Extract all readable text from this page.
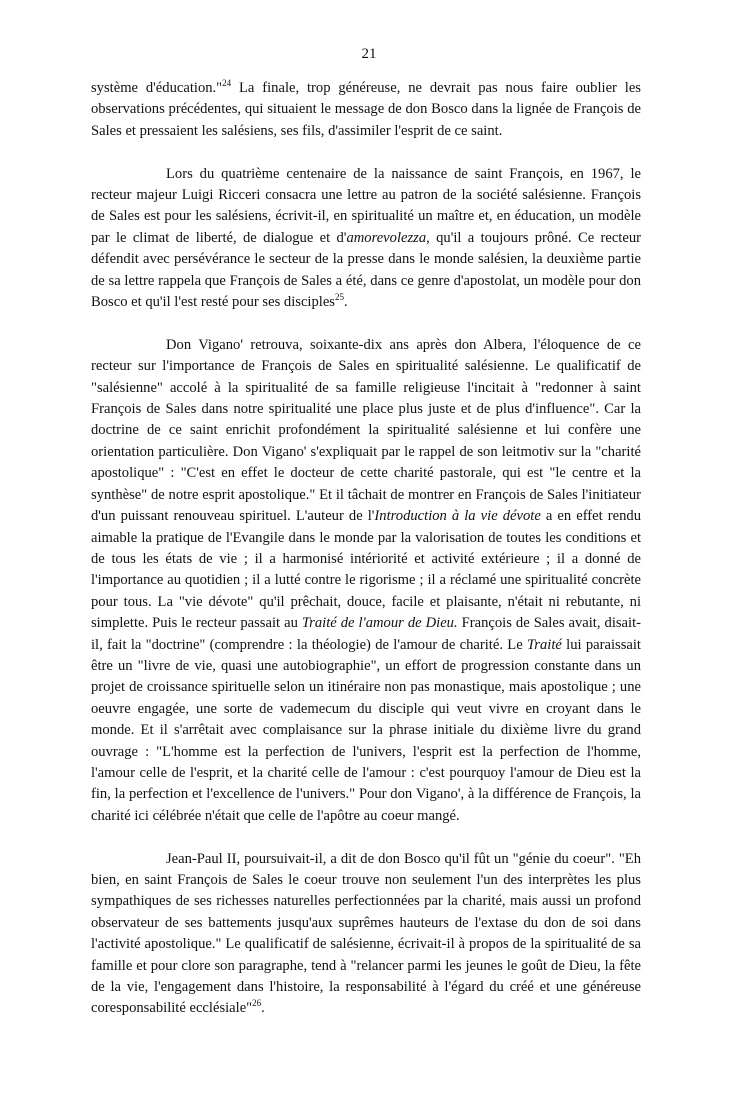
21

système d'éducation."$^{24}$ La finale, trop généreuse, ne devrait pas nous faire oublier les observations précédentes, qui situaient le message de don Bosco dans la lignée de François de Sales et pressaient les salésiens, ses fils, d'assimiler l'esprit de ce saint.

Lors du quatrième centenaire de la naissance de saint François, en 1967, le recteur majeur Luigi Ricceri consacra une lettre au patron de la société salésienne. François de Sales est pour les salésiens, écrivit-il, en spiritualité un maître et, en éducation, un modèle par le climat de liberté, de dialogue et d'amorevolezza, qu'il a toujours prôné. Ce recteur défendit avec persévérance le secteur de la presse dans le monde salésien, la deuxième partie de sa lettre rappela que François de Sales a été, dans ce genre d'apostolat, un modèle pour don Bosco et qu'il l'est resté pour ses disciples$^{25}$.

Don Vigano' retrouva, soixante-dix ans après don Albera, l'éloquence de ce recteur sur l'importance de François de Sales en spiritualité salésienne. Le qualificatif de "salésienne" accolé à la spiritualité de sa famille religieuse l'incitait à "redonner à saint François de Sales dans notre spiritualité une place plus juste et de plus d'influence". Car la doctrine de ce saint enrichit profondément la spiritualité salésienne et lui confère une orientation particulière. Don Vigano' s'expliquait par le rappel de son leitmotiv sur la "charité apostolique" : "C'est en effet le docteur de cette charité pastorale, qui est "le centre et la synthèse" de notre esprit apostolique." Et il tâchait de montrer en François de Sales l'initiateur d'un puissant renouveau spirituel. L'auteur de l'Introduction à la vie dévote a en effet rendu aimable la pratique de l'Evangile dans le monde par la valorisation de toutes les conditions et de tous les états de vie ; il a harmonisé intériorité et activité extérieure ; il a donné de l'importance au quotidien ; il a lutté contre le rigorisme ; il a réclamé une spiritualité concrète pour tous. La "vie dévote" qu'il prêchait, douce, facile et plaisante, n'était ni rebutante, ni simplette. Puis le recteur passait au Traité de l'amour de Dieu. François de Sales avait, disait-il, fait la "doctrine" (comprendre : la théologie) de l'amour de charité. Le Traité lui paraissait être un "livre de vie, quasi une autobiographie", un effort de progression constante dans un projet de croissance spirituelle selon un itinéraire non pas monastique, mais apostolique ; une oeuvre engagée, une sorte de vademecum du disciple qui veut vivre en croyant dans le monde. Et il s'arrêtait avec complaisance sur la phrase initiale du dixième livre du grand ouvrage : "L'homme est la perfection de l'univers, l'esprit est la perfection de l'homme, l'amour celle de l'esprit, et la charité celle de l'amour : c'est pourquoy l'amour de Dieu est la fin, la perfection et l'excellence de l'univers." Pour don Vigano', à la différence de François, la charité ici célébrée n'était que celle de l'apôtre au coeur mangé.

Jean-Paul II, poursuivait-il, a dit de don Bosco qu'il fût un "génie du coeur". "Eh bien, en saint François de Sales le coeur trouve non seulement l'un des interprètes les plus sympathiques de ses richesses naturelles perfectionnées par la charité, mais aussi un profond observateur de ses battements jusqu'aux suprêmes hauteurs de l'extase du don de soi dans l'activité apostolique." Le qualificatif de salésienne, écrivait-il à propos de la spiritualité de sa famille et pour clore son paragraphe, tend à "relancer parmi les jeunes le goût de Dieu, la fête de la vie, l'engagement dans l'histoire, la responsabilité à l'égard du créé et une généreuse coresponsabilité ecclésiale"$^{26}$.
